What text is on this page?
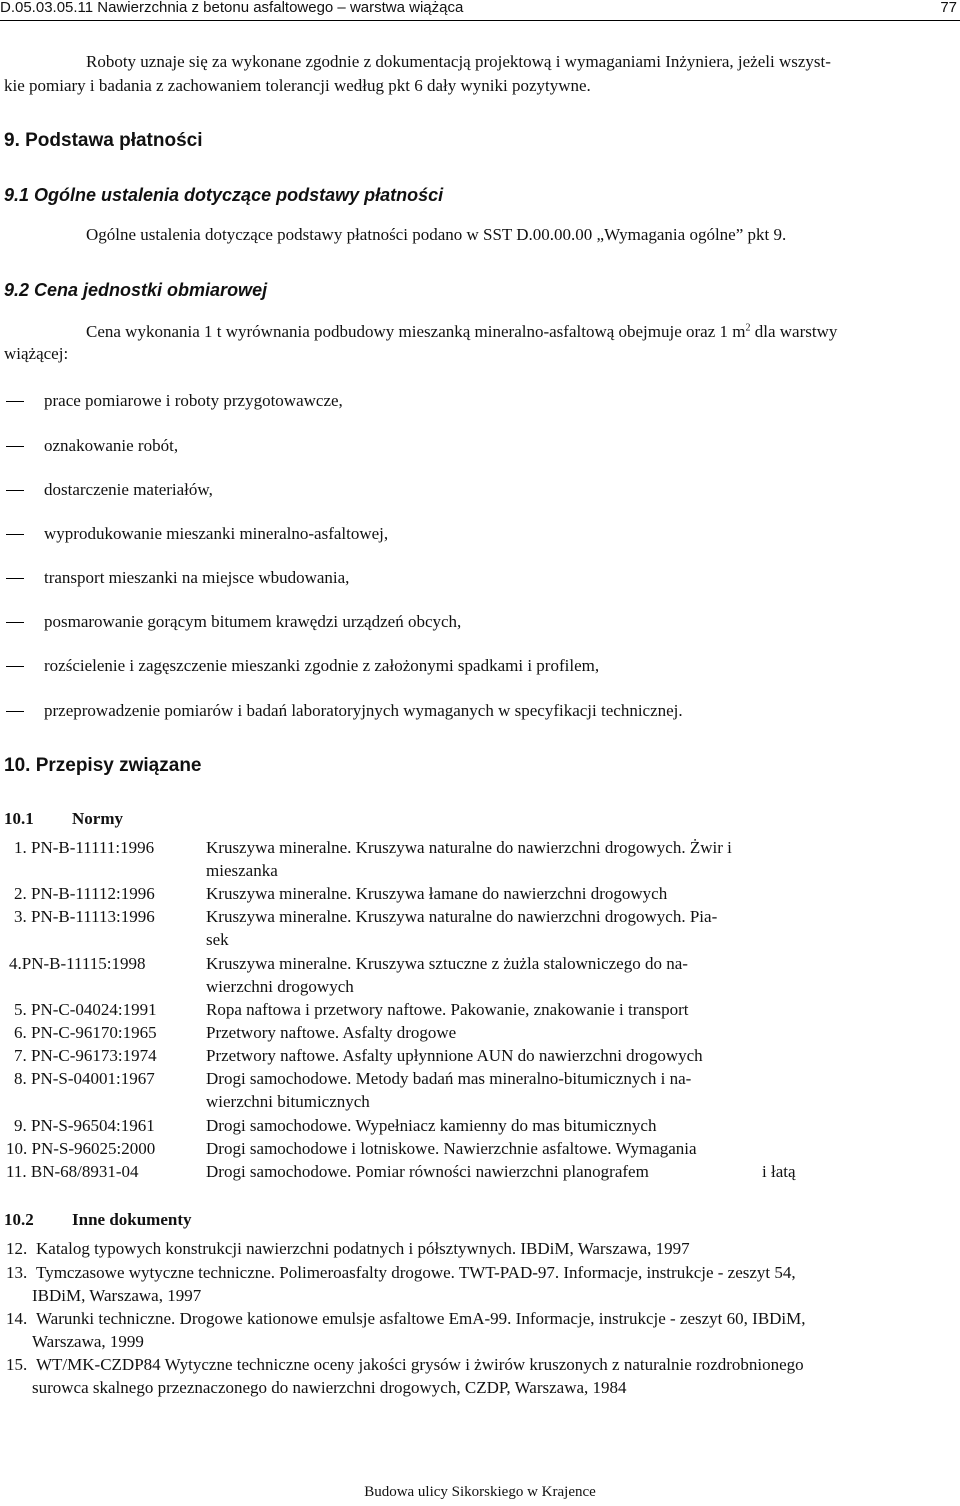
D.05.03.05.11 Nawierzchnia z betonu asfaltowego – warstwa wiążąca	77
Roboty uznaje się za wykonane zgodnie z dokumentacją projektową i wymaganiami Inżyniera, jeżeli wszyst-
kie pomiary i badania z zachowaniem tolerancji według pkt 6 dały wyniki pozytywne.
9. Podstawa płatności
9.1 Ogólne ustalenia dotyczące podstawy płatności
Ogólne ustalenia dotyczące podstawy płatności podano w SST D.00.00.00 „Wymagania ogólne” pkt 9.
9.2 Cena jednostki obmiarowej
Cena wykonania 1 t wyrównania podbudowy mieszanką mineralno-asfaltową obejmuje oraz 1 $m^2$ dla warstwy
wiążącej:
prace pomiarowe i roboty przygotowawcze,
oznakowanie robót,
dostarczenie materiałów,
wyprodukowanie mieszanki mineralno-asfaltowej,
transport mieszanki na miejsce wbudowania,
posmarowanie gorącym bitumem krawędzi urządzeń obcych,
rozścielenie i zagęszczenie mieszanki zgodnie z założonymi spadkami i profilem,
przeprowadzenie pomiarów i badań laboratoryjnych wymaganych w specyfikacji technicznej.
10. Przepisy związane
10.1 Normy
1. PN-B-11111:1996	Kruszywa mineralne. Kruszywa naturalne do nawierzchni drogowych. Żwir i
mieszanka
2. PN-B-11112:1996	Kruszywa mineralne. Kruszywa łamane do nawierzchni drogowych
3. PN-B-11113:1996	Kruszywa mineralne. Kruszywa naturalne do nawierzchni drogowych. Pia-
sek
4.PN-B-11115:1998	Kruszywa mineralne. Kruszywa sztuczne z żużla stalowniczego do na-
wierzchni drogowych
5. PN-C-04024:1991	Ropa naftowa i przetwory naftowe. Pakowanie, znakowanie i transport
6. PN-C-96170:1965	Przetwory naftowe. Asfalty drogowe
7. PN-C-96173:1974	Przetwory naftowe. Asfalty upłynnione AUN do nawierzchni drogowych
8. PN-S-04001:1967	Drogi samochodowe. Metody badań mas mineralno-bitumicznych i na-
wierzchni bitumicznych
9. PN-S-96504:1961	Drogi samochodowe. Wypełniacz kamienny do mas bitumicznych
10. PN-S-96025:2000	Drogi samochodowe i lotniskowe. Nawierzchnie asfaltowe. Wymagania
11. BN-68/8931-04	Drogi samochodowe. Pomiar równości nawierzchni planografem	i łatą
10.2 Inne dokumenty
12. Katalog typowych konstrukcji nawierzchni podatnych i półsztywnych. IBDiM, Warszawa, 1997
13. Tymczasowe wytyczne techniczne. Polimeroasfalty drogowe. TWT-PAD-97. Informacje, instrukcje - zeszyt 54,
IBDiM, Warszawa, 1997
14. Warunki techniczne. Drogowe kationowe emulsje asfaltowe EmA-99. Informacje, instrukcje - zeszyt 60, IBDiM,
Warszawa, 1999
15. WT/MK-CZDP84 Wytyczne techniczne oceny jakości grysów i żwirów kruszonych z naturalnie rozdrobnionego
surowca skalnego przeznaczonego do nawierzchni drogowych, CZDP, Warszawa, 1984
Budowa ulicy Sikorskiego w Krajence
